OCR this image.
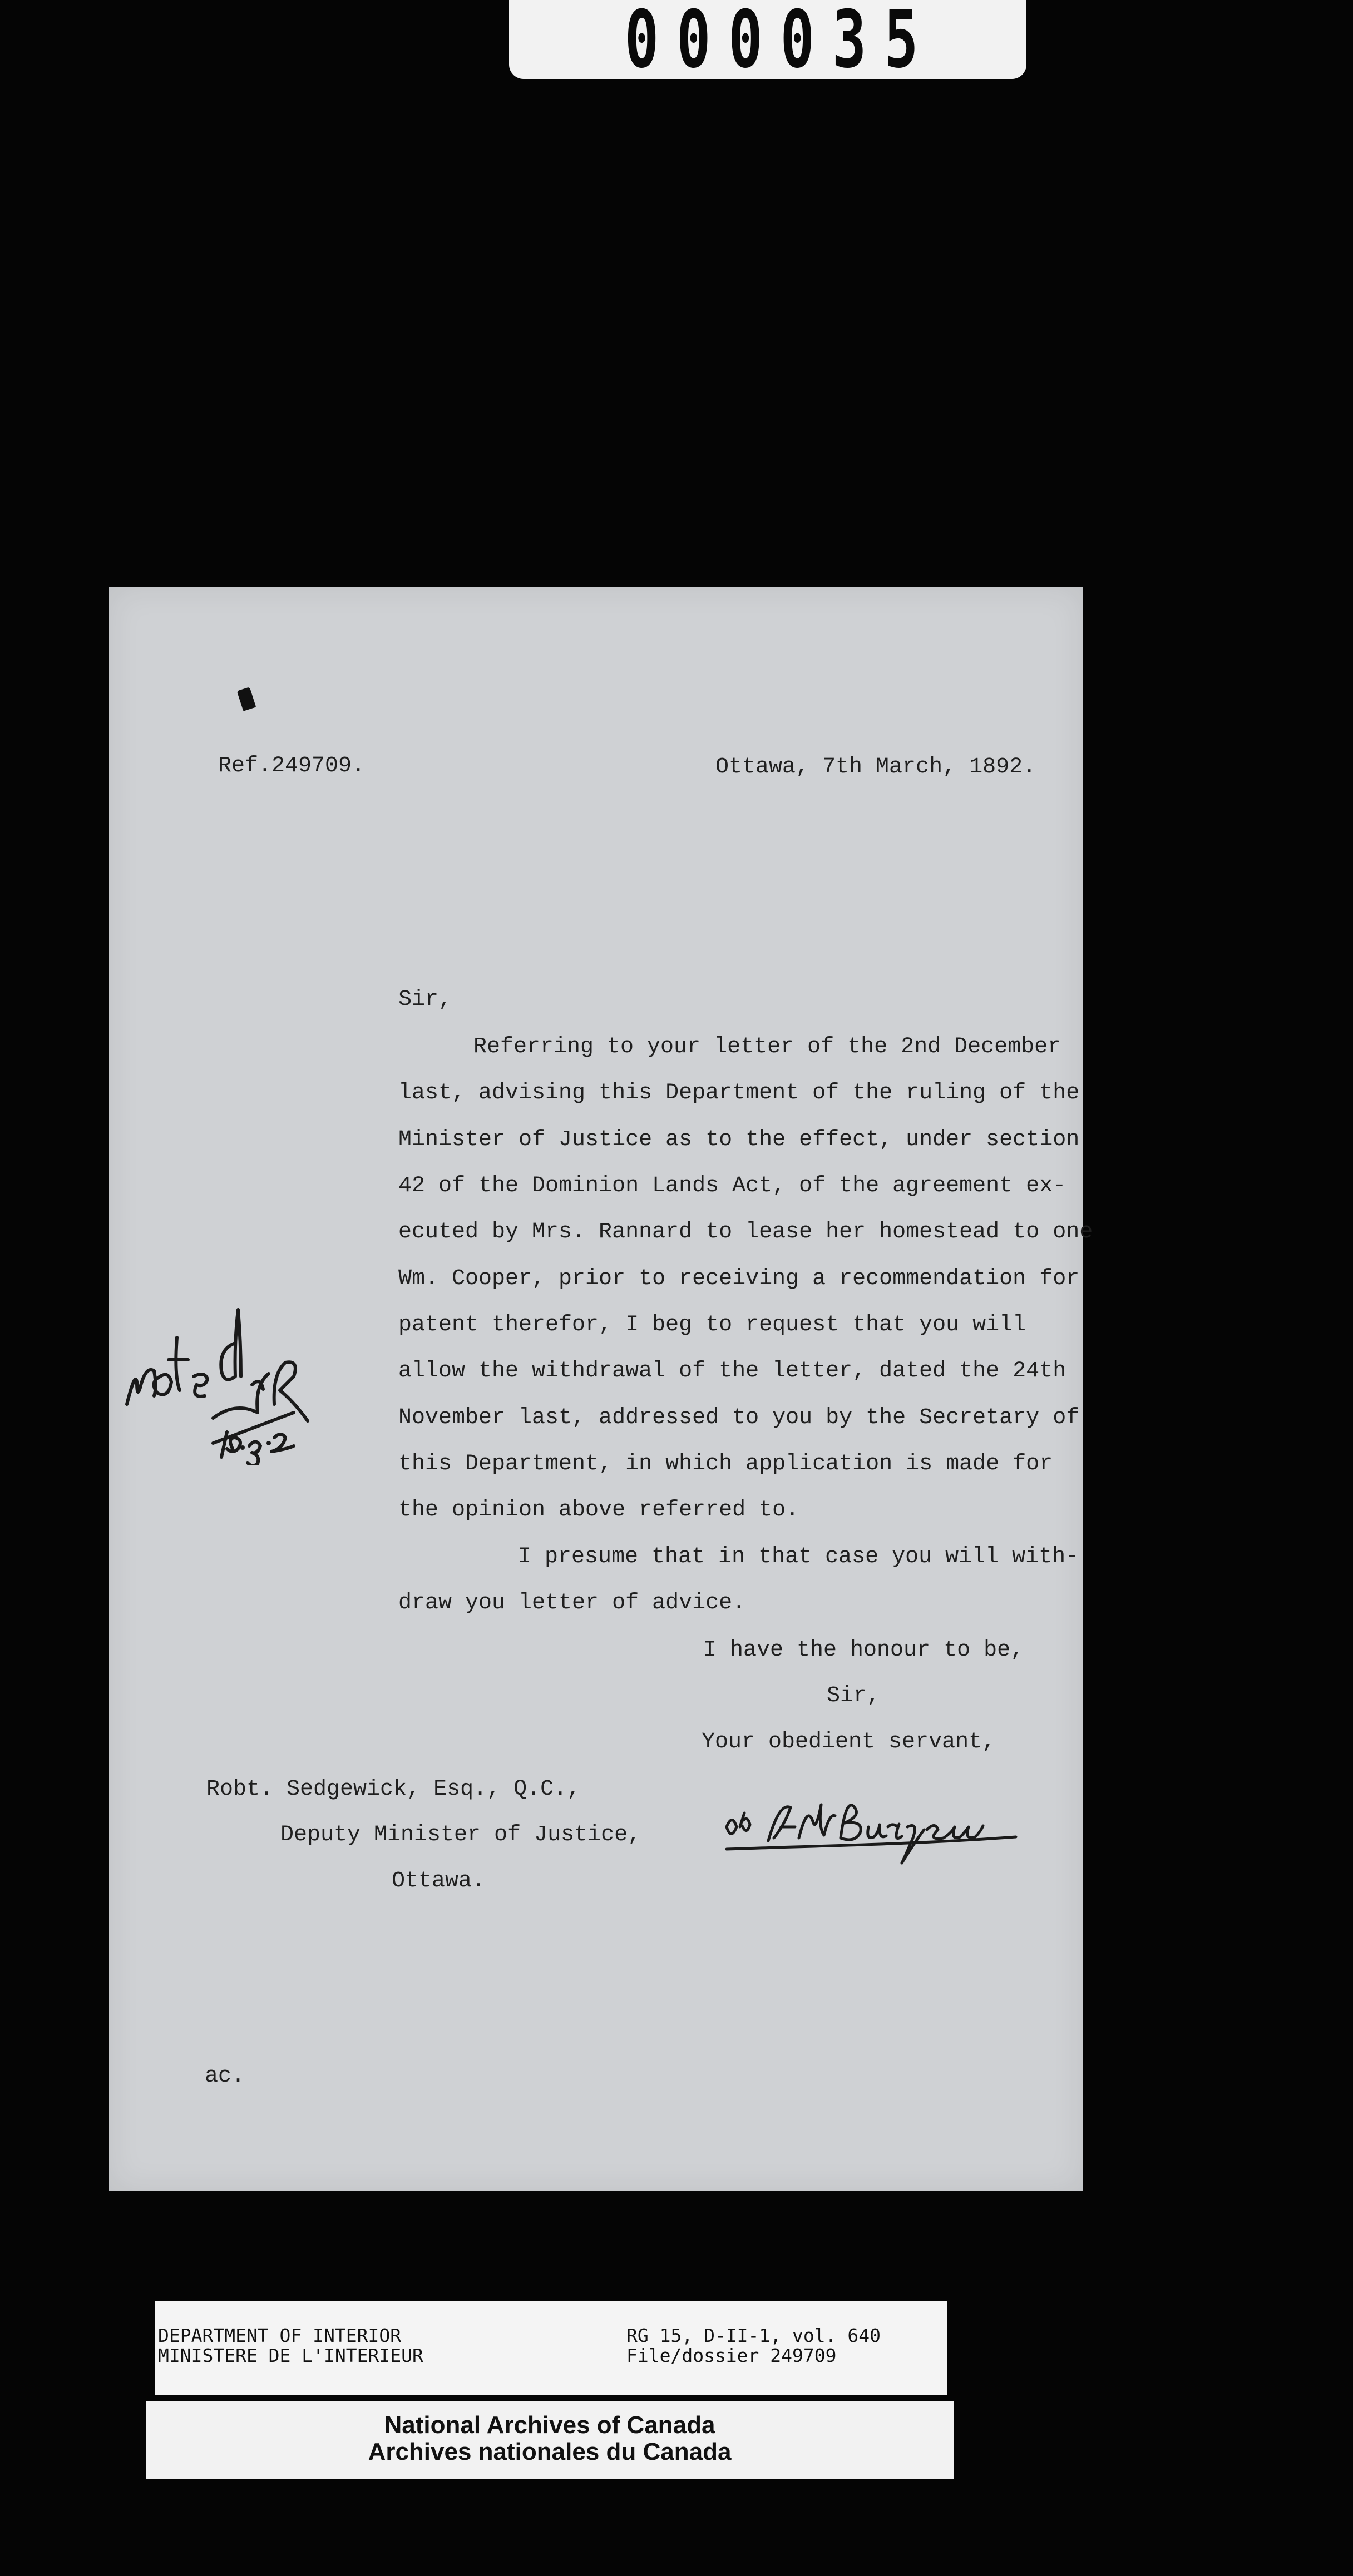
000035
Ref.249709.	Ottawa, 7th March, 1892.
Sir,
Referring to your letter of the 2nd December
last, advising this Department of the ruling of the
Minister of Justice as to the effect, under section
42 of the Dominion Lands Act, of the agreement ex-
ecuted by Mrs. Rannard to lease her homestead to one
Wm. Cooper, prior to receiving a recommendation for
patent therefor, I beg to request that you will
allow the withdrawal of the letter, dated the 24th
November last, addressed to you by the Secretary of
this Department, in which application is made for
the opinion above referred to.
I presume that in that case you will with-
draw you letter of advice.
I have the honour to be,
Sir,
Your obedient servant,
Robt. Sedgewick, Esq., Q.C.,
Deputy Minister of Justice,
Ottawa.
ac.
DEPARTMENT OF INTERIOR
MINISTERE DE L'INTERIEUR
RG 15, D-II-1, vol. 640
File/dossier 249709
National Archives of Canada
Archives nationales du Canada
